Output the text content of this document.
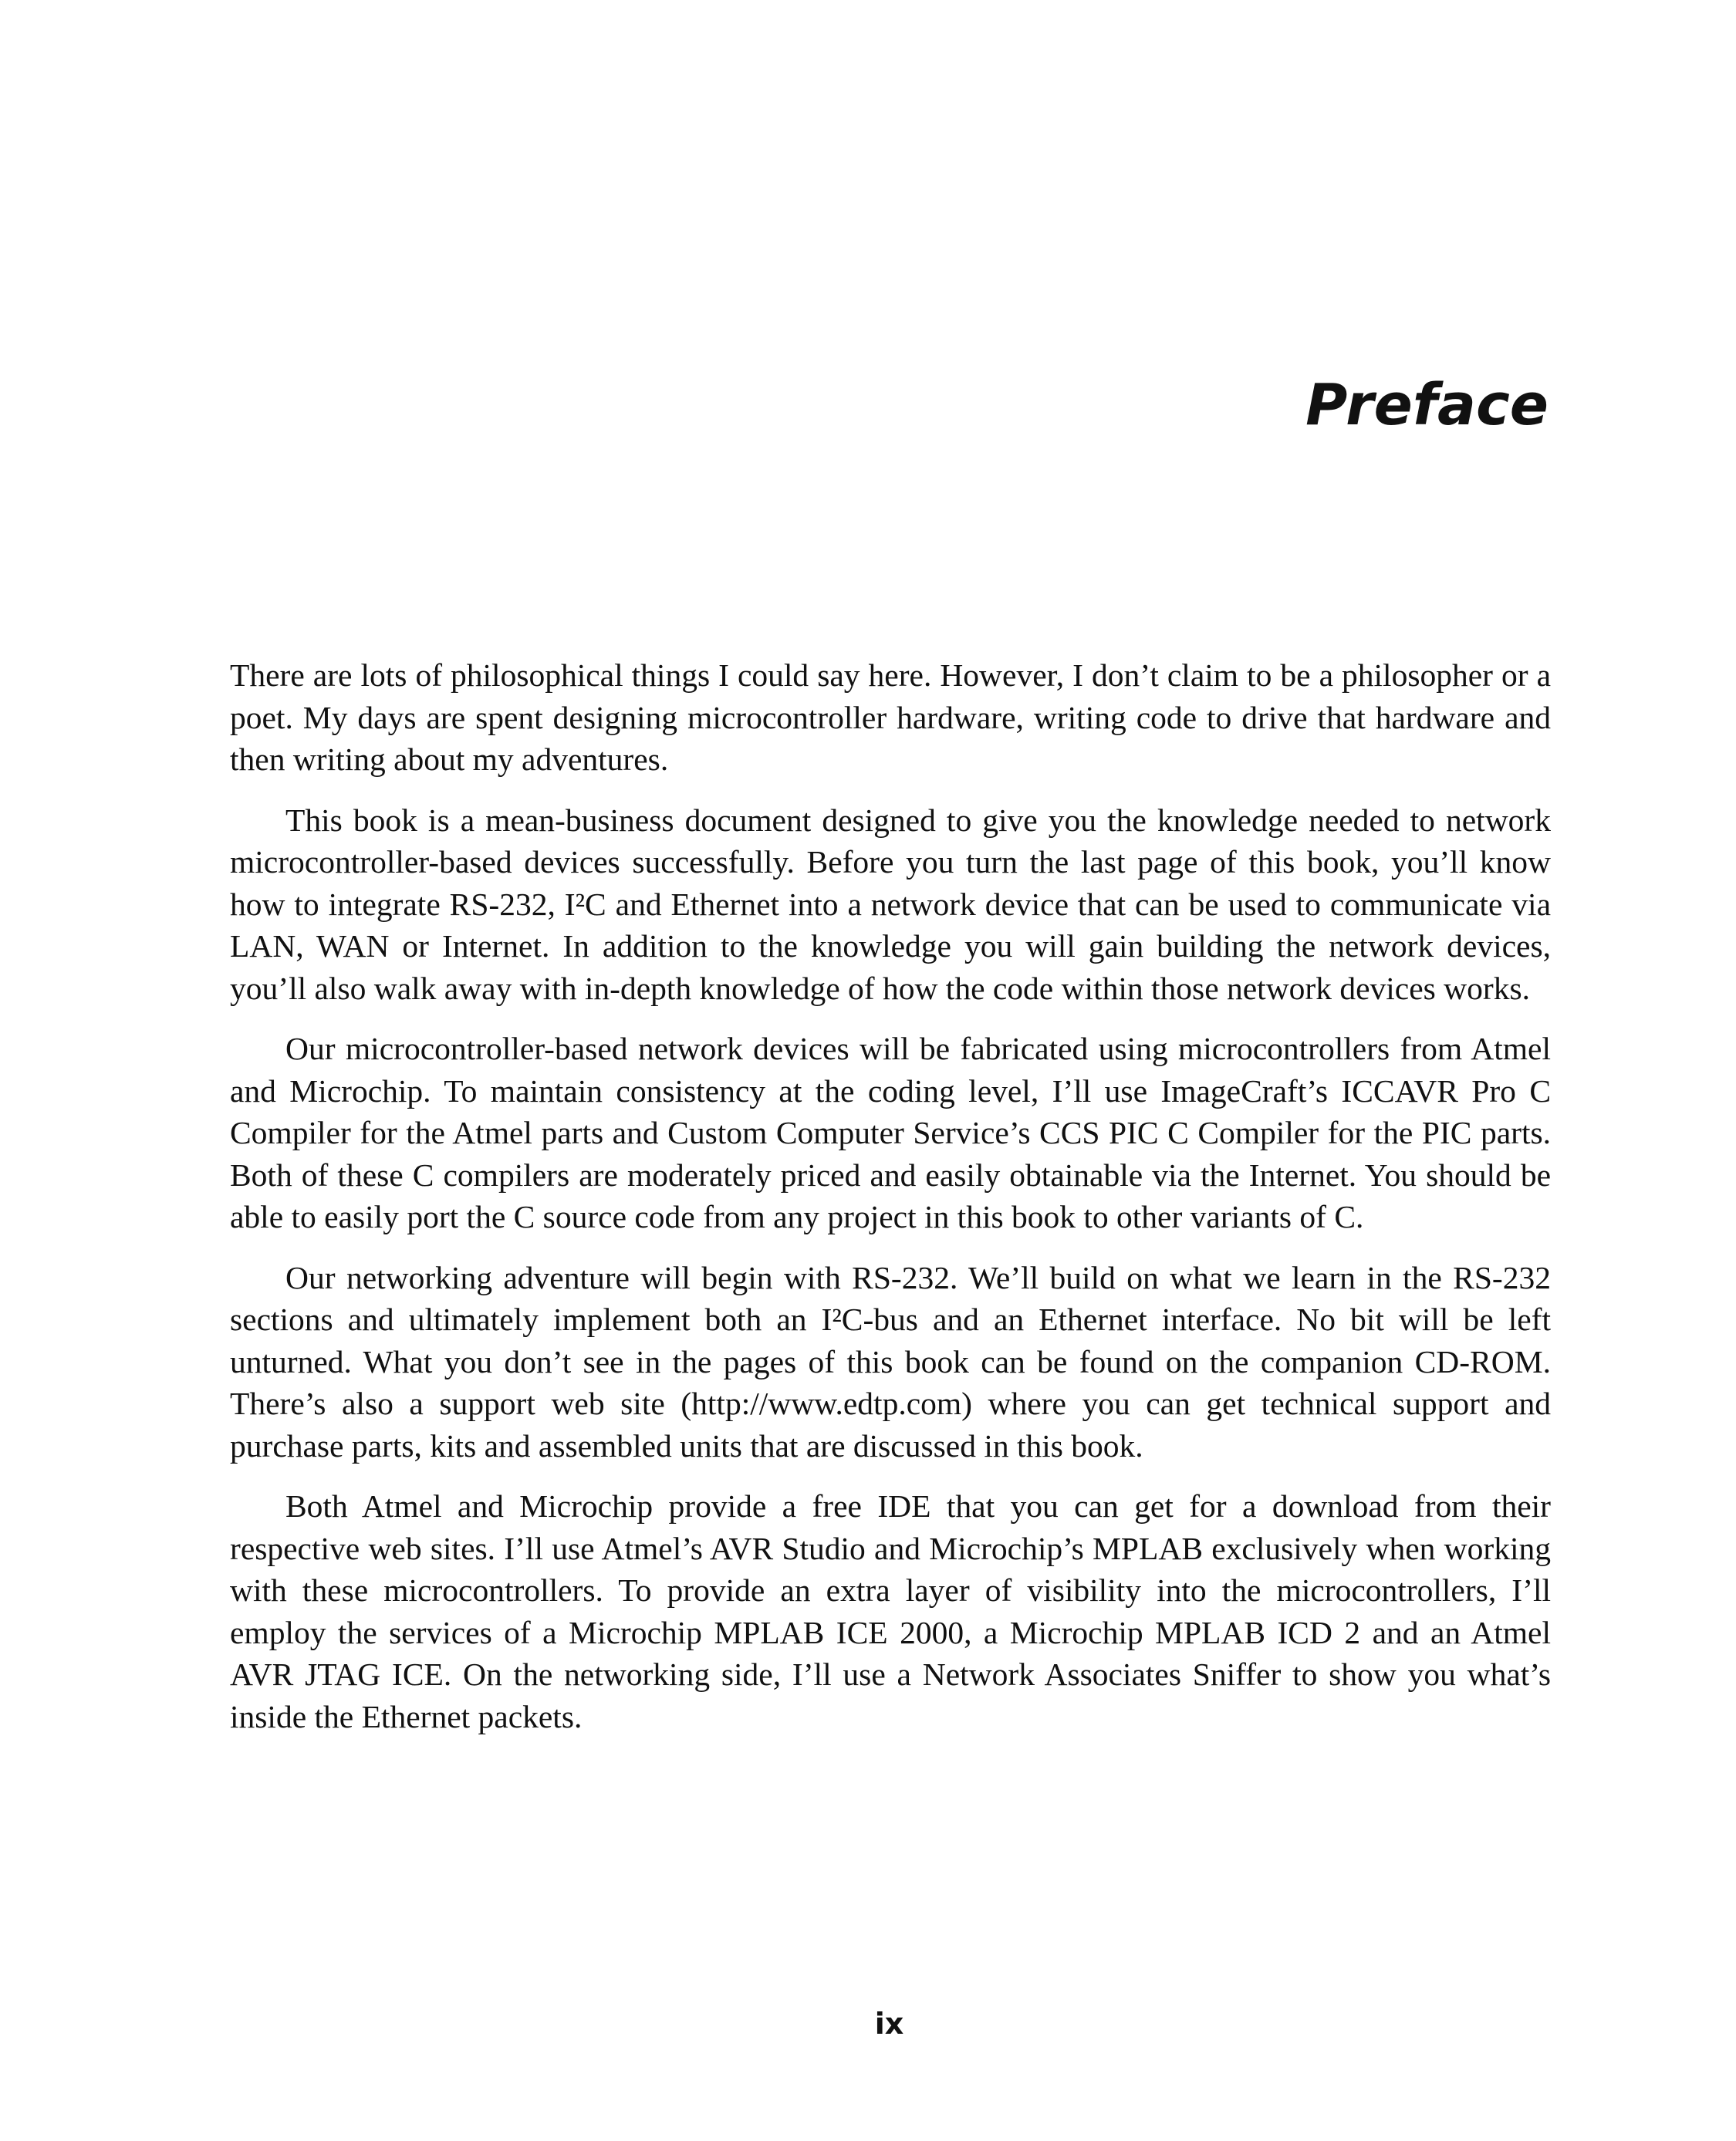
Preface

There are lots of philosophical things I could say here. However, I don’t claim to be a philosopher or a poet. My days are spent designing microcontroller hardware, writing code to drive that hardware and then writing about my adventures.

This book is a mean-business document designed to give you the knowledge needed to network microcontroller-based devices successfully. Before you turn the last page of this book, you’ll know how to integrate RS-232, I²C and Ethernet into a network device that can be used to communicate via LAN, WAN or Internet. In addition to the knowledge you will gain building the network devices, you’ll also walk away with in-depth knowledge of how the code within those network devices works.

Our microcontroller-based network devices will be fabricated using microcontrollers from Atmel and Microchip. To maintain consistency at the coding level, I’ll use ImageCraft’s ICCAVR Pro C Compiler for the Atmel parts and Custom Computer Service’s CCS PIC C Compiler for the PIC parts. Both of these C compilers are moderately priced and easily obtainable via the Internet. You should be able to easily port the C source code from any project in this book to other variants of C.

Our networking adventure will begin with RS-232. We’ll build on what we learn in the RS-232 sections and ultimately implement both an I²C-bus and an Ethernet interface. No bit will be left unturned. What you don’t see in the pages of this book can be found on the companion CD-ROM. There’s also a support web site (http://www.edtp.com) where you can get technical support and purchase parts, kits and assembled units that are discussed in this book.

Both Atmel and Microchip provide a free IDE that you can get for a download from their respective web sites. I’ll use Atmel’s AVR Studio and Microchip’s MPLAB exclusively when working with these microcontrollers. To provide an extra layer of visibility into the microcontrollers, I’ll employ the services of a Microchip MPLAB ICE 2000, a Microchip MPLAB ICD 2 and an Atmel AVR JTAG ICE. On the networking side, I’ll use a Network Associates Sniffer to show you what’s inside the Ethernet packets.

ix
